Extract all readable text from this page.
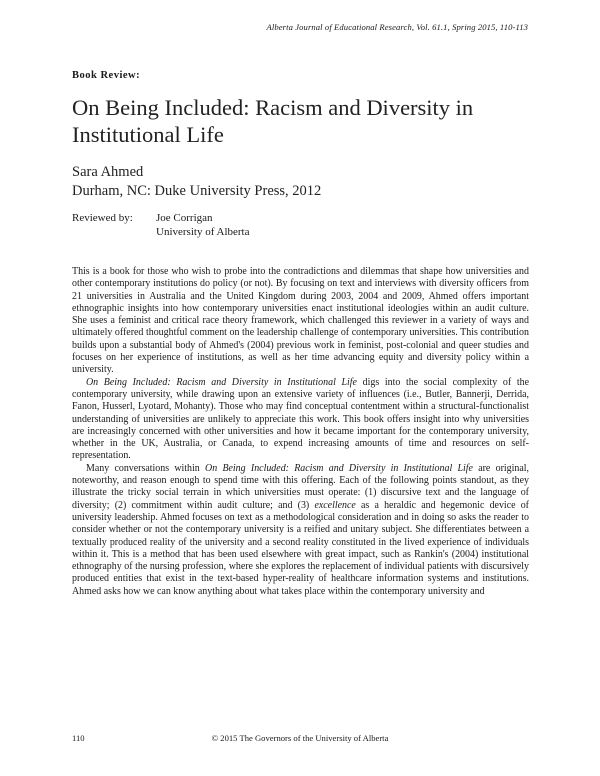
Alberta Journal of Educational Research, Vol. 61.1, Spring 2015, 110-113
Book Review:
On Being Included: Racism and Diversity in Institutional Life
Sara Ahmed
Durham, NC: Duke University Press, 2012
Reviewed by: Joe Corrigan
University of Alberta

This is a book for those who wish to probe into the contradictions and dilemmas that shape how universities and other contemporary institutions do policy (or not). By focusing on text and interviews with diversity officers from 21 universities in Australia and the United Kingdom during 2003, 2004 and 2009, Ahmed offers important ethnographic insights into how contemporary universities enact institutional ideologies within an audit culture. She uses a feminist and critical race theory framework, which challenged this reviewer in a variety of ways and ultimately offered thoughtful comment on the leadership challenge of contemporary universities. This contribution builds upon a substantial body of Ahmed's (2004) previous work in feminist, post-colonial and queer studies and focuses on her experience of institutions, as well as her time advancing equity and diversity policy within a university.

On Being Included: Racism and Diversity in Institutional Life digs into the social complexity of the contemporary university, while drawing upon an extensive variety of influences (i.e., Butler, Bannerji, Derrida, Fanon, Husserl, Lyotard, Mohanty). Those who may find conceptual contentment within a structural-functionalist understanding of universities are unlikely to appreciate this work. This book offers insight into why universities are increasingly concerned with other universities and how it became important for the contemporary university, whether in the UK, Australia, or Canada, to expend increasing amounts of time and resources on self-representation.

Many conversations within On Being Included: Racism and Diversity in Institutional Life are original, noteworthy, and reason enough to spend time with this offering. Each of the following points standout, as they illustrate the tricky social terrain in which universities must operate: (1) discursive text and the language of diversity; (2) commitment within audit culture; and (3) excellence as a heraldic and hegemonic device of university leadership. Ahmed focuses on text as a methodological consideration and in doing so asks the reader to consider whether or not the contemporary university is a reified and unitary subject. She differentiates between a textually produced reality of the university and a second reality constituted in the lived experience of individuals within it. This is a method that has been used elsewhere with great impact, such as Rankin's (2004) institutional ethnography of the nursing profession, where she explores the replacement of individual patients with discursively produced entities that exist in the text-based hyper-reality of healthcare information systems and institutions. Ahmed asks how we can know anything about what takes place within the contemporary university and

110	© 2015 The Governors of the University of Alberta
